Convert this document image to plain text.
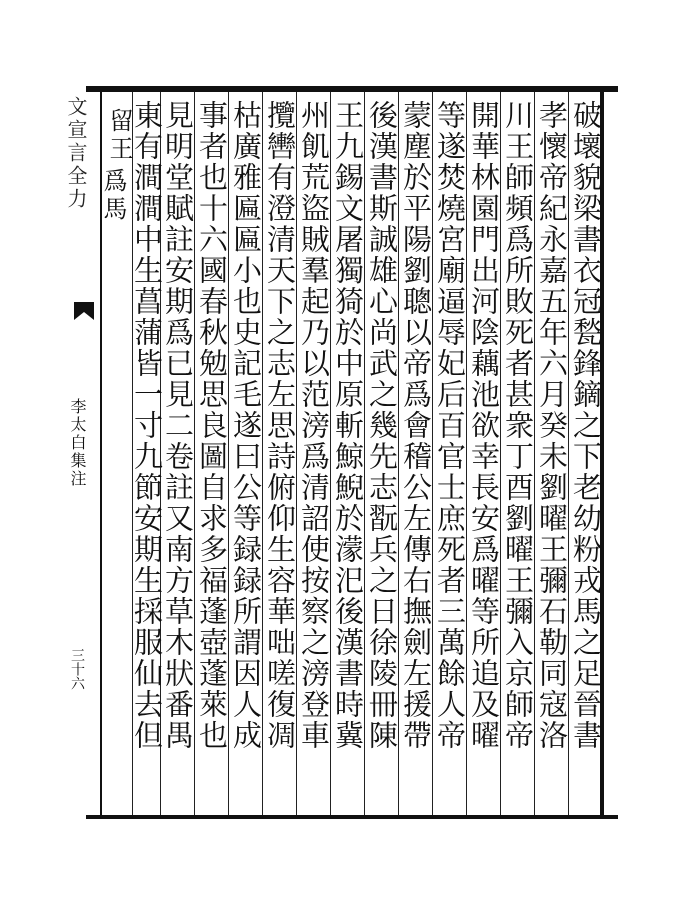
文宣言全力
李太白集注
三十六	破壞貌梁書衣冠甃鋒鏑之下老幼粉戎馬之足晉書
孝懷帝紀永嘉五年六月癸未劉曜王彌石勒同寇洛
川王師頻爲所敗死者甚衆丁酉劉曜王彌入京師帝
開華林園門出河陰藕池欲幸長安爲曜等所追及曜
等遂焚燒宮廟逼辱妃后百官士庶死者三萬餘人帝
蒙塵於平陽劉聰以帝爲會稽公左傳右撫劍左援帶
後漢書斯誠雄心尚武之幾先志翫兵之日徐陵冊陳
王九錫文屠獨猗於中原斬鯨鯢於濛汜後漢書時冀
州飢荒盜賊羣起乃以范滂爲清詔使按察之滂登車
攬轡有澄清天下之志左思詩俯仰生容華咄嗟復凋
枯廣雅匾匾小也史記毛遂曰公等録録所謂因人成
事者也十六國春秋勉思良圖自求多福蓬壺蓬萊也
見明堂賦註安期爲已見二卷註又南方草木狀番禺
東有澗澗中生菖蒲皆一寸九節安期生採服仙去但
留王
爲馬
